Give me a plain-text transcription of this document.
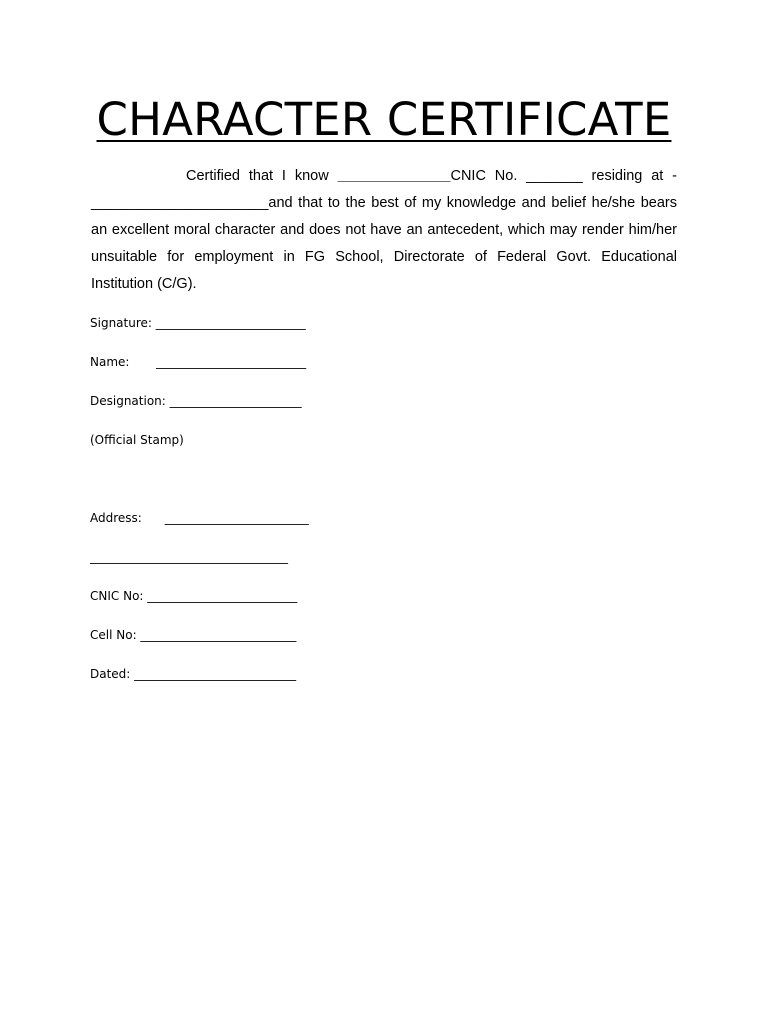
CHARACTER CERTIFICATE
Certified that I know ______________CNIC No. _______ residing at - ______________________and that to the best of my knowledge and belief he/she bears an excellent moral character and does not have an antecedent, which may render him/her unsuitable for employment in FG School, Directorate of Federal Govt. Educational Institution (C/G).
Signature: _________________________
Name:       _________________________
Designation: ______________________
(Official Stamp)
Address:      ________________________
_________________________________
CNIC No: _________________________
Cell No: __________________________
Dated: ___________________________
